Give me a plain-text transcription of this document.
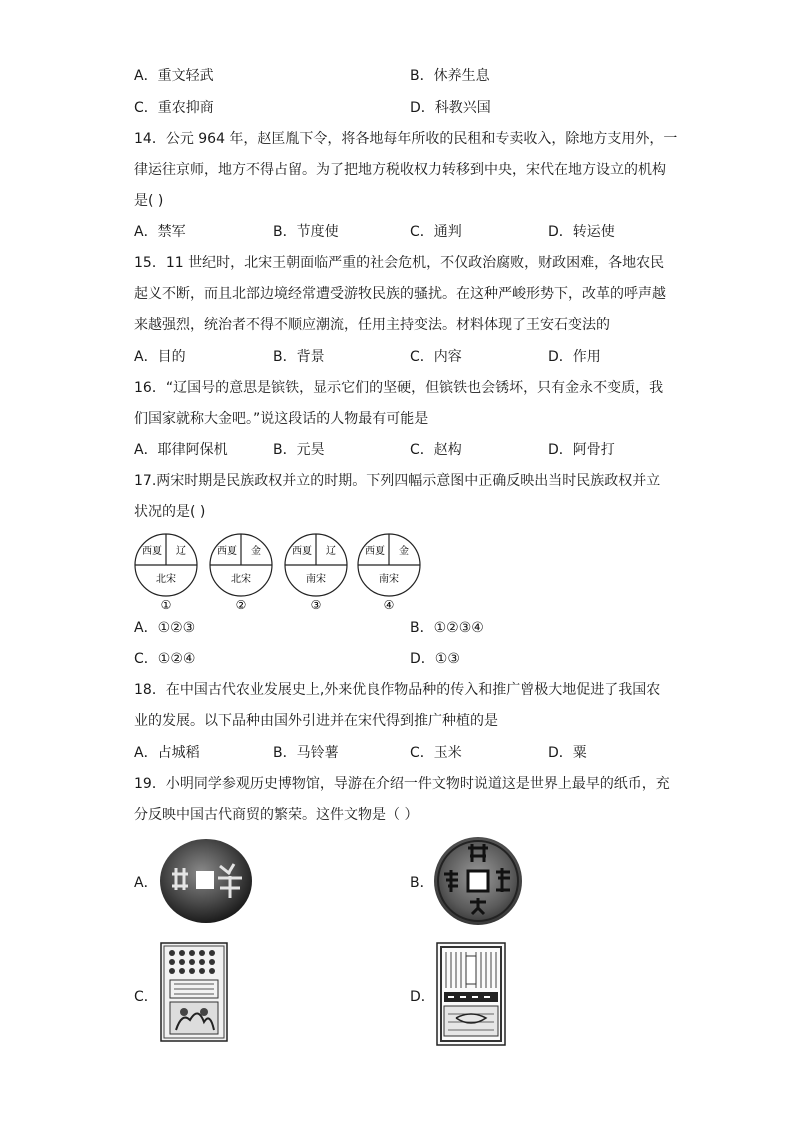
A．重文轻武	B．休养生息
C．重农抑商	D．科教兴国
14．公元 964 年，赵匡胤下令，将各地每年所收的民租和专卖收入，除地方支用外，一
律运往京师，地方不得占留。为了把地方税收权力转移到中央，宋代在地方设立的机构
是( )
A．禁军	B．节度使	C．通判	D．转运使
15．11 世纪时，北宋王朝面临严重的社会危机，不仅政治腐败，财政困难，各地农民
起义不断，而且北部边境经常遭受游牧民族的骚扰。在这种严峻形势下，改革的呼声越
来越强烈，统治者不得不顺应潮流，任用主持变法。材料体现了王安石变法的
A．目的	B．背景	C．内容	D．作用
16．“辽国号的意思是镔铁，显示它们的坚硬，但镔铁也会锈坏，只有金永不变质，我
们国家就称大金吧。”说这段话的人物最有可能是
A．耶律阿保机	B．元昊	C．赵构	D．阿骨打
17.两宋时期是民族政权并立的时期。下列四幅示意图中正确反映出当时民族政权并立
状况的是( )
西夏 辽
北宋
①
西夏 金
北宋
②
西夏 辽
南宋
③
西夏 金
南宋
④
A．①②③	B．①②③④
C．①②④	D．①③
18．在中国古代农业发展史上,外来优良作物品种的传入和推广曾极大地促进了我国农
业的发展。以下品种由国外引进并在宋代得到推广种植的是
A．占城稻	B．马铃薯	C．玉米	D．粟
19．小明同学参观历史博物馆，导游在介绍一件文物时说道这是世界上最早的纸币，充
分反映中国古代商贸的繁荣。这件文物是（ ）
A．	B．
C．	D．
